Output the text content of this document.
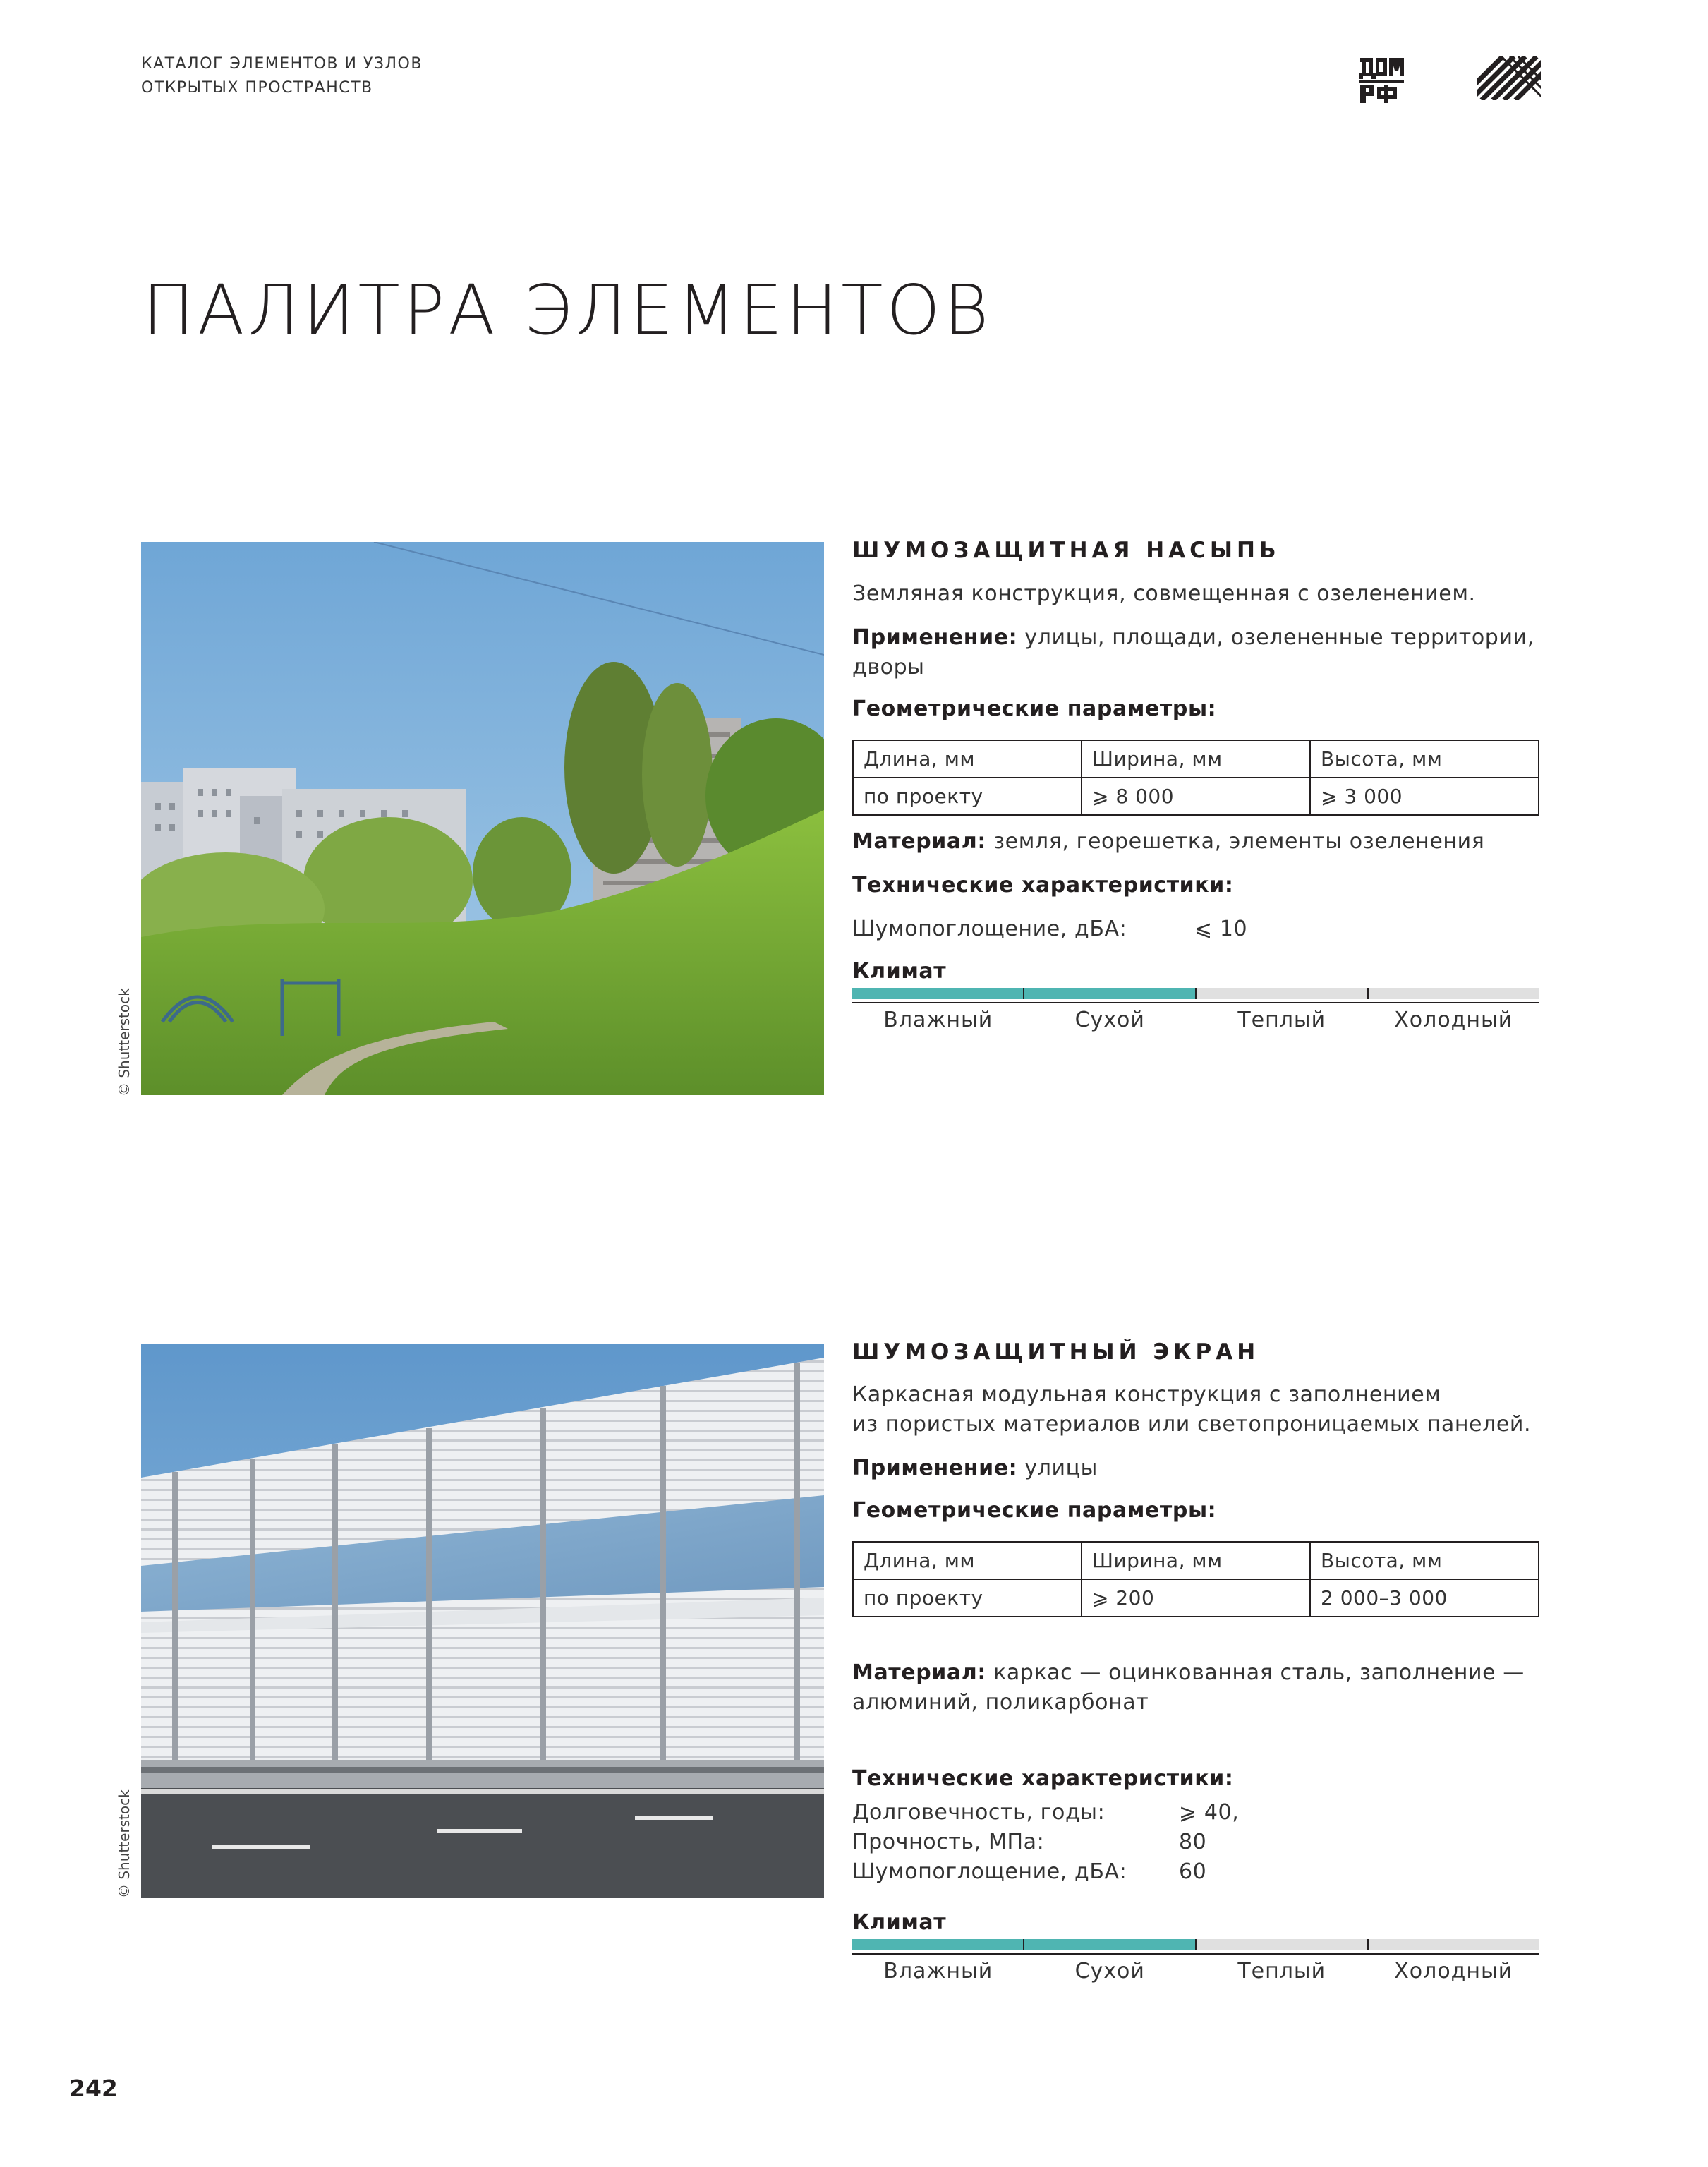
КАТАЛОГ ЭЛЕМЕНТОВ И УЗЛОВ
ОТКРЫТЫХ ПРОСТРАНСТВ
ПАЛИТРА ЭЛЕМЕНТОВ
© Shutterstock
ШУМОЗАЩИТНАЯ НАСЫПЬ
Земляная конструкция, совмещенная с озеленением.
Применение: улицы, площади, озелененные территории,
дворы
Геометрические параметры:
Длина, мм	Ширина, мм	Высота, мм
по проекту	⩾ 8 000	⩾ 3 000
Материал: земля, георешетка, элементы озеленения
Технические характеристики:
Шумопоглощение, дБА:	⩽ 10
Климат
Влажный	Сухой	Теплый	Холодный
© Shutterstock
ШУМОЗАЩИТНЫЙ ЭКРАН
Каркасная модульная конструкция с заполнением
из пористых материалов или светопроницаемых панелей.
Применение: улицы
Геометрические параметры:
Длина, мм	Ширина, мм	Высота, мм
по проекту	⩾ 200	2 000–3 000
Материал: каркас — оцинкованная сталь, заполнение —
алюминий, поликарбонат
Технические характеристики:
Долговечность, годы:	⩾ 40,
Прочность, МПа:	80
Шумопоглощение, дБА:	60
Климат
Влажный	Сухой	Теплый	Холодный
242
